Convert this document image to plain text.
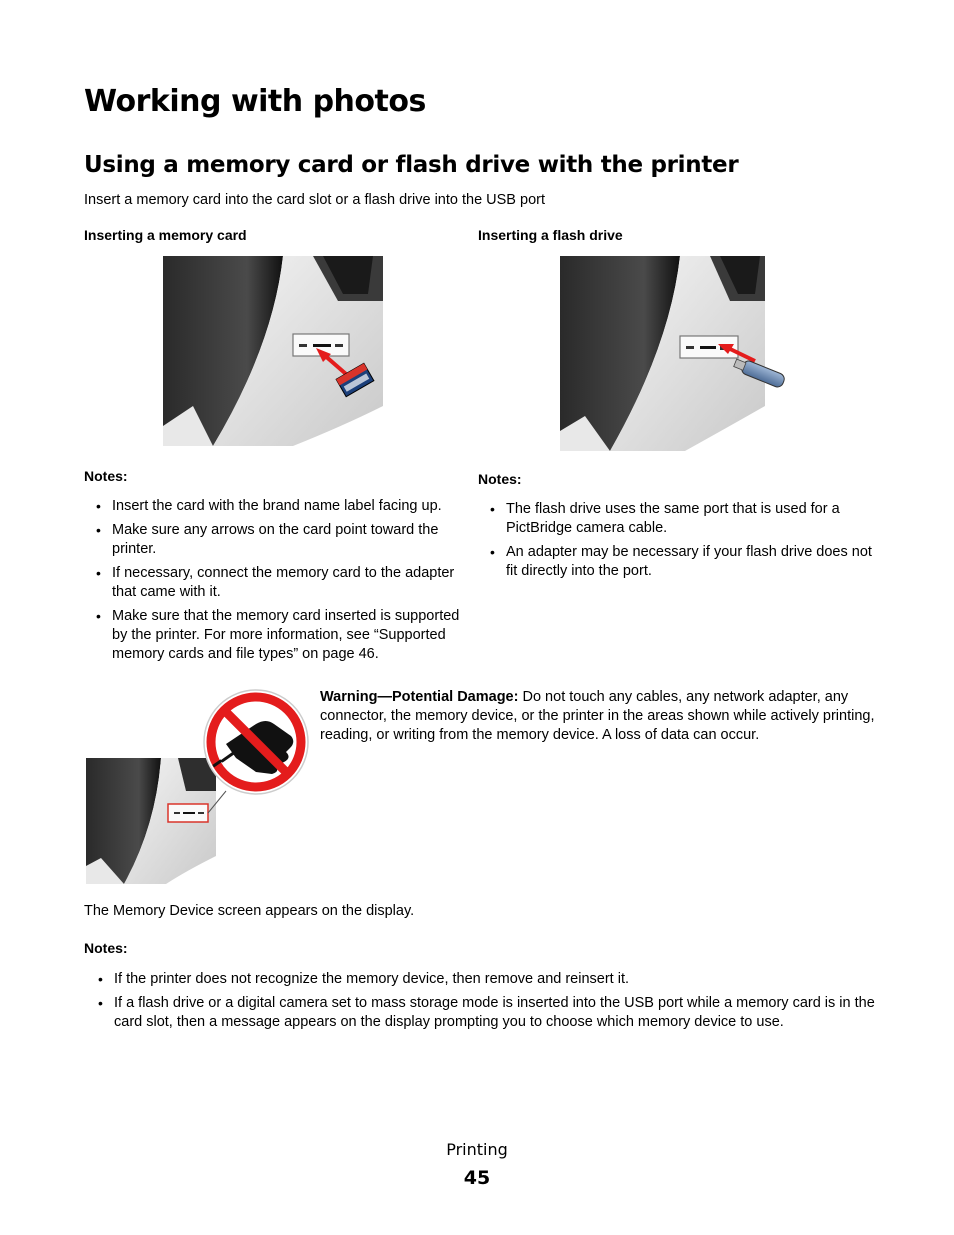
Working with photos
Using a memory card or flash drive with the printer
Insert a memory card into the card slot or a flash drive into the USB port
Inserting a memory card
Notes:
• Insert the card with the brand name label facing up.
• Make sure any arrows on the card point toward the printer.
• If necessary, connect the memory card to the adapter that came with it.
• Make sure that the memory card inserted is supported by the printer. For more information, see “Supported memory cards and file types” on page 46.
Inserting a flash drive
Notes:
• The flash drive uses the same port that is used for a PictBridge camera cable.
• An adapter may be necessary if your flash drive does not fit directly into the port.
Warning—Potential Damage: Do not touch any cables, any network adapter, any connector, the memory device, or the printer in the areas shown while actively printing, reading, or writing from the memory device. A loss of data can occur.
The Memory Device screen appears on the display.
Notes:
• If the printer does not recognize the memory device, then remove and reinsert it.
• If a flash drive or a digital camera set to mass storage mode is inserted into the USB port while a memory card is in the card slot, then a message appears on the display prompting you to choose which memory device to use.
Printing
45
